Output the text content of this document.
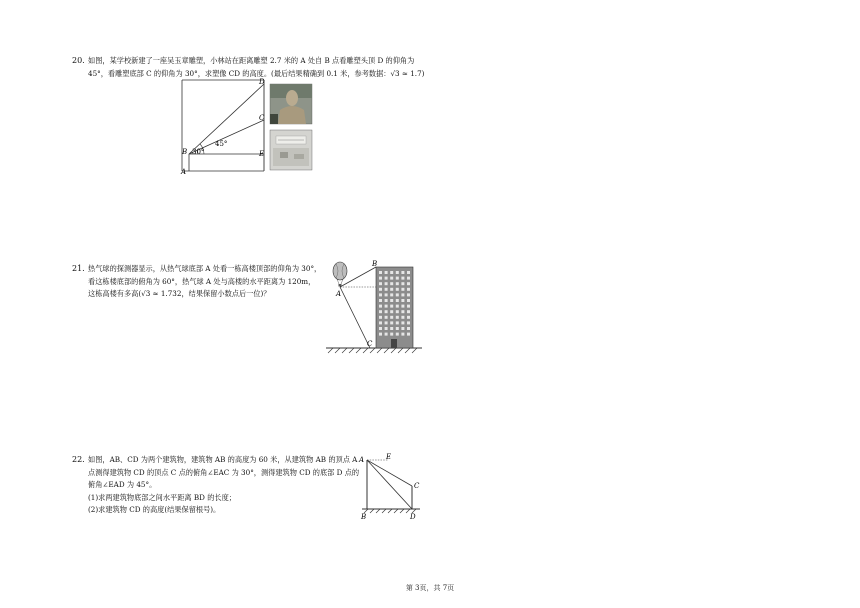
20. 如图，某学校新建了一座吴玉章雕塑，小林站在距离雕塑 2.7 米的 A 处自 B 点看雕塑头顶 D 的仰角为
45°，看雕塑底部 C 的仰角为 30°，求塑像 CD 的高度。(最后结果精确到 0.1 米，参考数据：√3 ≈ 1.7)
D
C
B	E
A
45°
30°
21. 热气球的探测器显示，从热气球底部 A 处看一栋高楼顶部的仰角为 30°，
看这栋楼底部的俯角为 60°，热气球 A 处与高楼的水平距离为 120m，
这栋高楼有多高(√3 ≈ 1.732，结果保留小数点后一位)？
B
A
C
22. 如图，AB、CD 为两个建筑物，建筑物 AB 的高度为 60 米，从建筑物 AB 的顶点 A
点测得建筑物 CD 的顶点 C 点的俯角∠EAC 为 30°，测得建筑物 CD 的底部 D 点的
俯角∠EAD 为 45°。
(1)求两建筑物底部之间水平距离 BD 的长度；
(2)求建筑物 CD 的高度(结果保留根号)。
A	E
C
B	D
第 3页，共 7页
